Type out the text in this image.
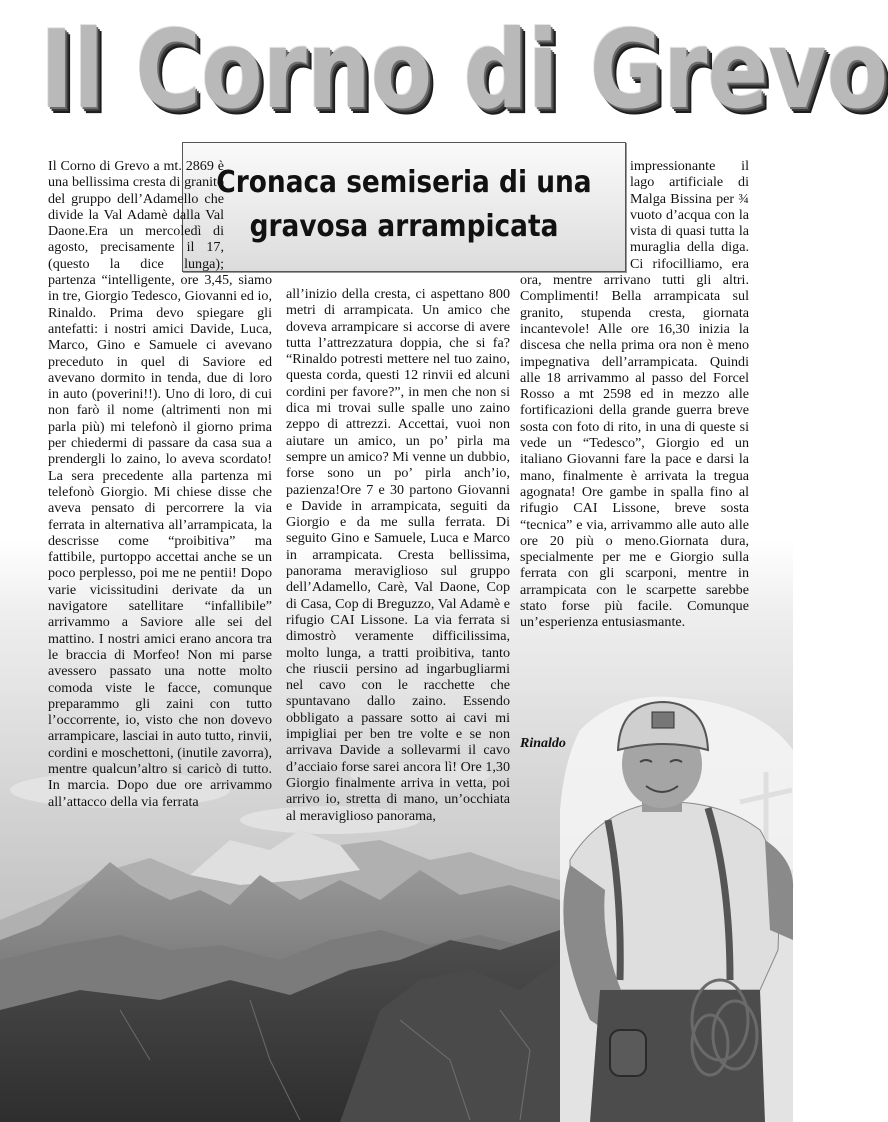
Il Corno di Grevo
Cronaca semiseria di una
gravosa arrampicata

Il Corno di Grevo a mt. 2869 è una bellissima cresta di granito del gruppo dell’Adamello che divide la Val Adamè dalla Val Daone.Era un mercoledì di agosto, precisamente il 17, (questo la dice lunga); partenza “intelligente, ore 3,45, siamo in tre, Giorgio Tedesco, Giovanni ed io, Rinaldo. Prima devo spiegare gli antefatti: i nostri amici Davide, Luca, Marco, Gino e Samuele ci avevano preceduto in quel di Saviore ed avevano dormito in tenda, due di loro in auto (poverini!!). Uno di loro, di cui non farò il nome (altrimenti non mi parla più) mi telefonò il giorno prima per chiedermi di passare da casa sua a prendergli lo zaino, lo aveva scordato! La sera precedente alla partenza mi telefonò Giorgio. Mi chiese disse che aveva pensato di percorrere la via ferrata in alternativa all’arrampicata, la descrisse come “proibitiva” ma fattibile, purtoppo accettai anche se un poco perplesso, poi me ne pentii! Dopo varie vicissitudini derivate da un navigatore satellitare “infallibile” arrivammo a Saviore alle sei del mattino. I nostri amici erano ancora tra le braccia di Morfeo! Non mi parse avessero passato una notte molto comoda viste le facce, comunque preparammo gli zaini con tutto l’occorrente, io, visto che non dovevo arrampicare, lasciai in auto tutto, rinvii, cordini e moschettoni, (inutile zavorra), mentre qualcun’altro si caricò di tutto. In marcia. Dopo due ore arrivammo all’attacco della via ferrata

all’inizio della cresta, ci aspettano 800 metri di arrampicata. Un amico che doveva arrampicare si accorse di avere tutta l’attrezzatura doppia, che si fa? “Rinaldo potresti mettere nel tuo zaino, questa corda, questi 12 rinvii ed alcuni cordini per favore?”, in men che non si dica mi trovai sulle spalle uno zaino zeppo di attrezzi. Accettai, vuoi non aiutare un amico, un po’ pirla ma sempre un amico? Mi venne un dubbio, forse sono un po’ pirla anch’io, pazienza!Ore 7 e 30 partono Giovanni e Davide in arrampicata, seguiti da Giorgio e da me sulla ferrata. Di seguito Gino e Samuele, Luca e Marco in arrampicata. Cresta bellissima, panorama meraviglioso sul gruppo dell’Adamello, Carè, Val Daone, Cop di Casa, Cop di Breguzzo, Val Adamè e rifugio CAI Lissone. La via ferrata si dimostrò veramente difficilissima, molto lunga, a tratti proibitiva, tanto che riuscii persino ad ingarbugliarmi nel cavo con le racchette che spuntavano dallo zaino. Essendo obbligato a passare sotto ai cavi mi impigliai per ben tre volte e se non arrivava Davide a sollevarmi il cavo d’acciaio forse sarei ancora lì! Ore 1,30 Giorgio finalmente arriva in vetta, poi arrivo io, stretta di mano, un’occhiata al meraviglioso panorama,

impressionante il lago artificiale di Malga Bissina per ¾ vuoto d’acqua con la vista di quasi tutta la muraglia della diga. Ci rifocilliamo, era ora, mentre arrivano tutti gli altri. Complimenti! Bella arrampicata sul granito, stupenda cresta, giornata incantevole! Alle ore 16,30 inizia la discesa che nella prima ora non è meno impegnativa dell’arrampicata. Quindi alle 18 arrivammo al passo del Forcel Rosso a mt 2598 ed in mezzo alle fortificazioni della grande guerra breve sosta con foto di rito, in una di queste si vede un “Tedesco”, Giorgio ed un italiano Giovanni fare la pace e darsi la mano, finalmente è arrivata la tregua agognata! Ore gambe in spalla fino al rifugio CAI Lissone, breve sosta “tecnica” e via, arrivammo alle auto alle ore 20 più o meno.Giornata dura, specialmente per me e Giorgio sulla ferrata con gli scarponi, mentre in arrampicata con le scarpette sarebbe stato forse più facile. Comunque un’esperienza entusiasmante.

Rinaldo
